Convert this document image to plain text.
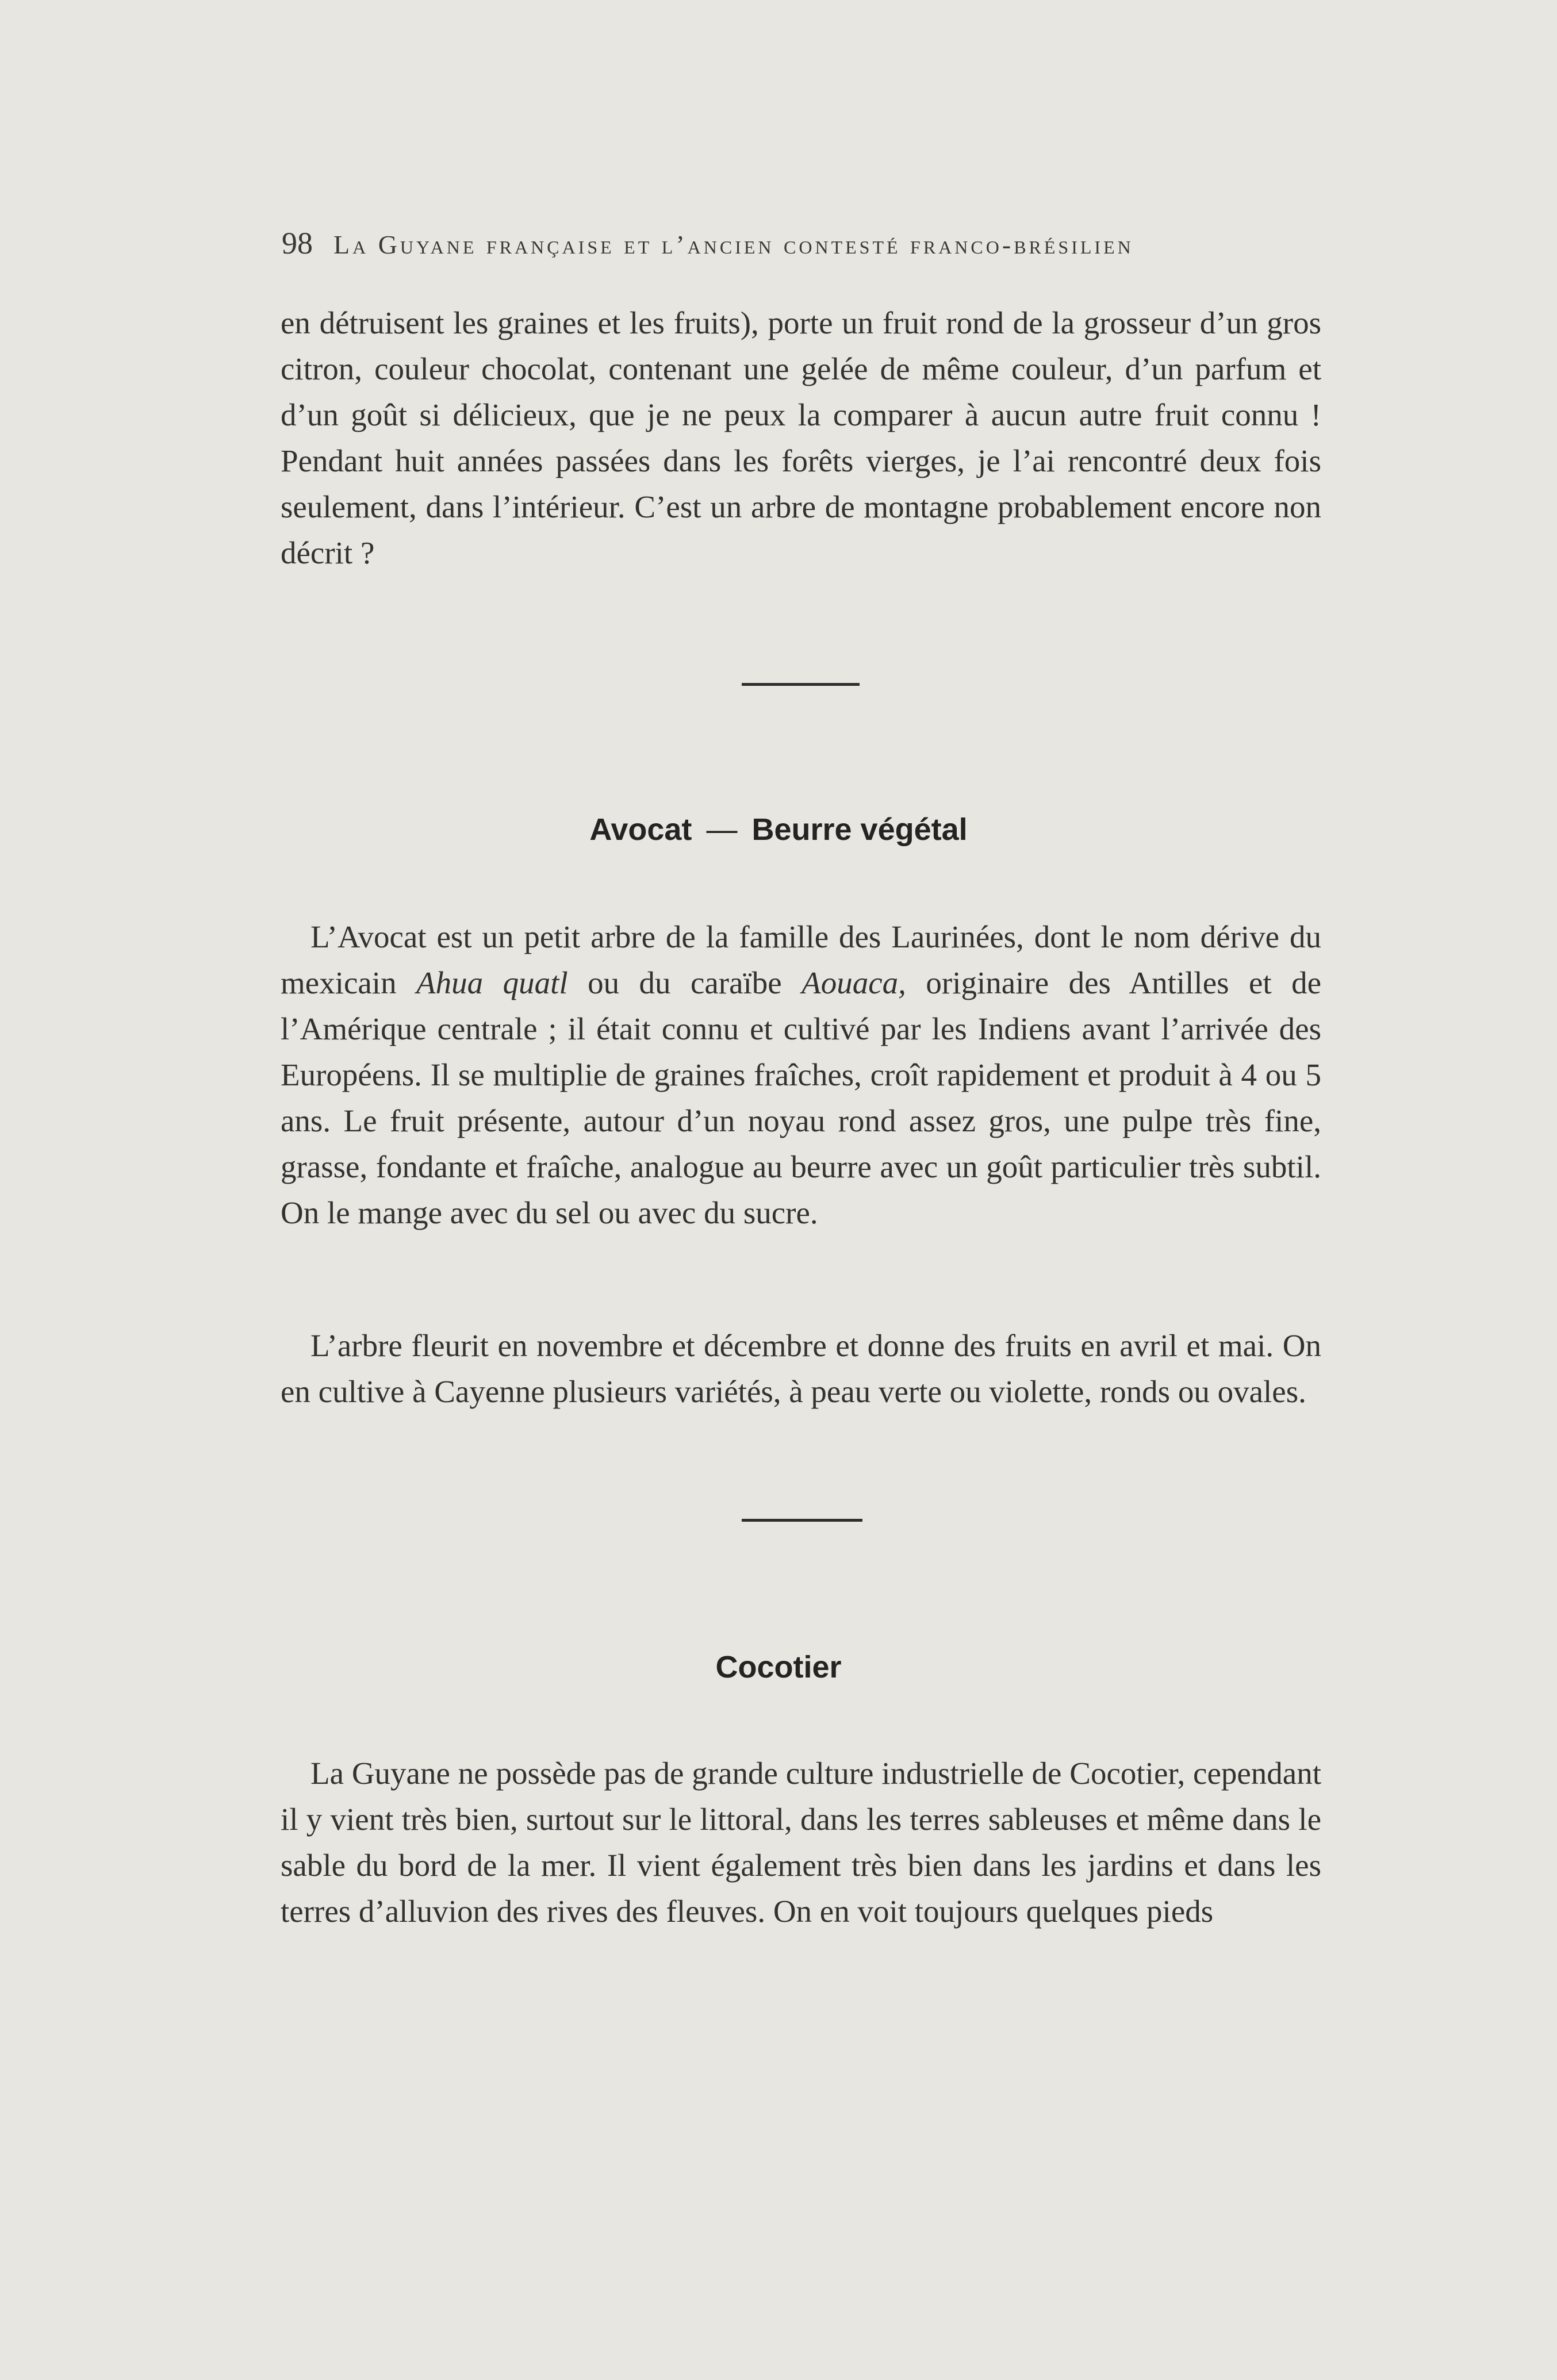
98 La Guyane française et l’ancien contesté franco-brésilien

en détruisent les graines et les fruits), porte un fruit rond de la grosseur d’un gros citron, couleur chocolat, contenant une gelée de même couleur, d’un parfum et d’un goût si délicieux, que je ne peux la comparer à aucun autre fruit connu ! Pendant huit années passées dans les forêts vierges, je l’ai rencontré deux fois seulement, dans l’intérieur. C’est un arbre de montagne probablement encore non décrit ?

Avocat — Beurre végétal

L’Avocat est un petit arbre de la famille des Laurinées, dont le nom dérive du mexicain Ahua quatl ou du caraïbe Aouaca, originaire des Antilles et de l’Amérique centrale ; il était connu et cultivé par les Indiens avant l’arrivée des Européens. Il se multiplie de graines fraîches, croît rapidement et produit à 4 ou 5 ans. Le fruit présente, autour d’un noyau rond assez gros, une pulpe très fine, grasse, fondante et fraîche, analogue au beurre avec un goût particulier très subtil. On le mange avec du sel ou avec du sucre.

L’arbre fleurit en novembre et décembre et donne des fruits en avril et mai. On en cultive à Cayenne plusieurs variétés, à peau verte ou violette, ronds ou ovales.

Cocotier

La Guyane ne possède pas de grande culture industrielle de Cocotier, cependant il y vient très bien, surtout sur le littoral, dans les terres sableuses et même dans le sable du bord de la mer. Il vient également très bien dans les jardins et dans les terres d’alluvion des rives des fleuves. On en voit toujours quelques pieds
